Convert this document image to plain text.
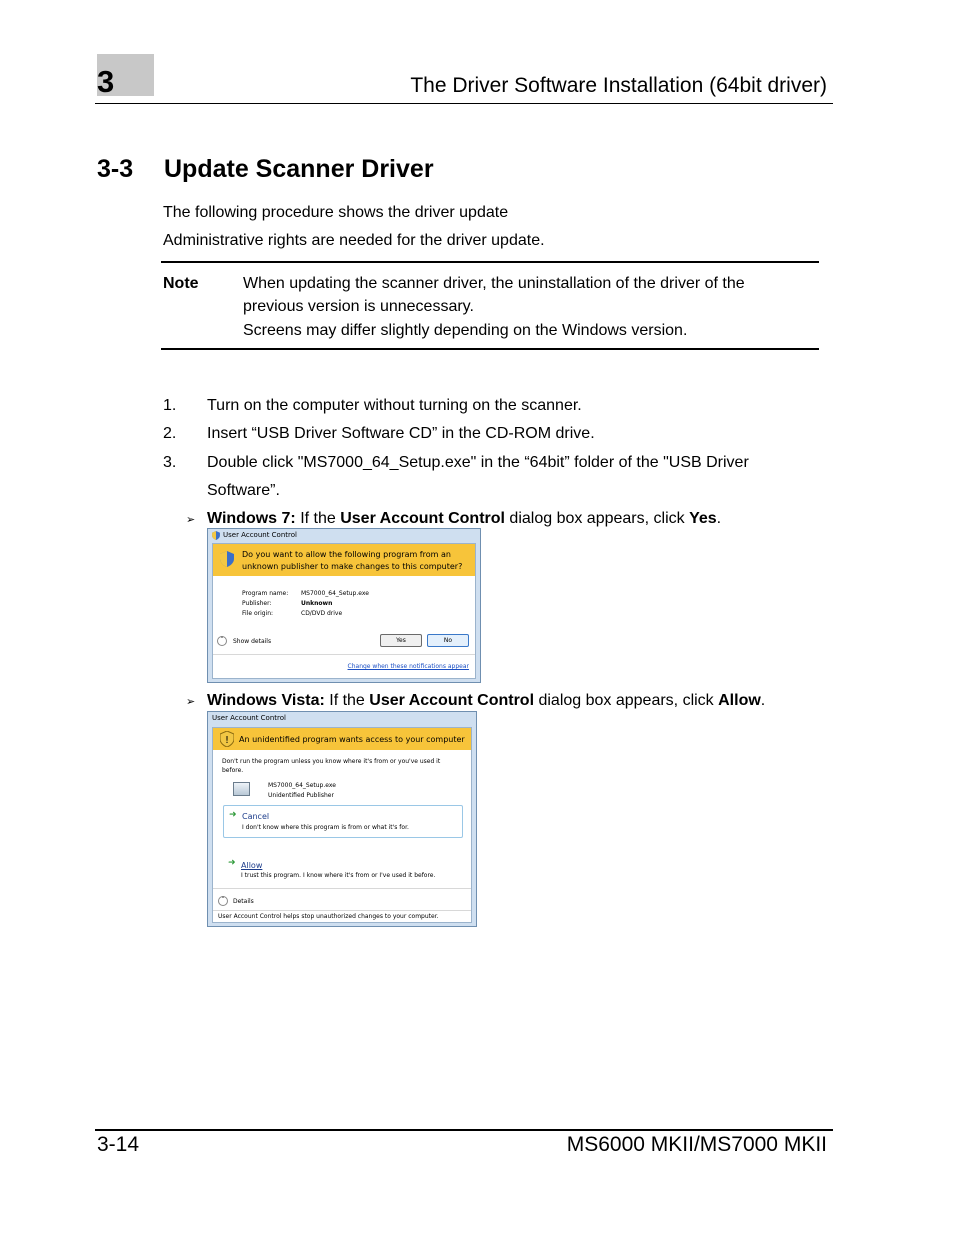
3	The Driver Software Installation (64bit driver)
3-3 Update Scanner Driver
The following procedure shows the driver update
Administrative rights are needed for the driver update.
Note	When updating the scanner driver, the uninstallation of the driver of the
previous version is unnecessary.
Screens may differ slightly depending on the Windows version.
1. Turn on the computer without turning on the scanner.
2. Insert “USB Driver Software CD” in the CD-ROM drive.
3. Double click "MS7000_64_Setup.exe" in the “64bit” folder of the "USB Driver
Software”.
➢ Windows 7: If the User Account Control dialog box appears, click Yes.
User Account Control
Do you want to allow the following program from an
unknown publisher to make changes to this computer?
Program name: MS7000_64_Setup.exe
Publisher:	Unknown
File origin:	CD/DVD drive
ˇ	Show details	Yes	No
Change when these notifications appear
➢ Windows Vista: If the User Account Control dialog box appears, click Allow.
User Account Control
! An unidentified program wants access to your computer
Don't run the program unless you know where it's from or you've used it
before.
MS7000_64_Setup.exe
Unidentified Publisher
➜ Cancel
I don't know where this program is from or what it's for.
➜ Allow
I trust this program. I know where it's from or I've used it before.
ˇ	Details
User Account Control helps stop unauthorized changes to your computer.
3-14	MS6000 MKII/MS7000 MKII
